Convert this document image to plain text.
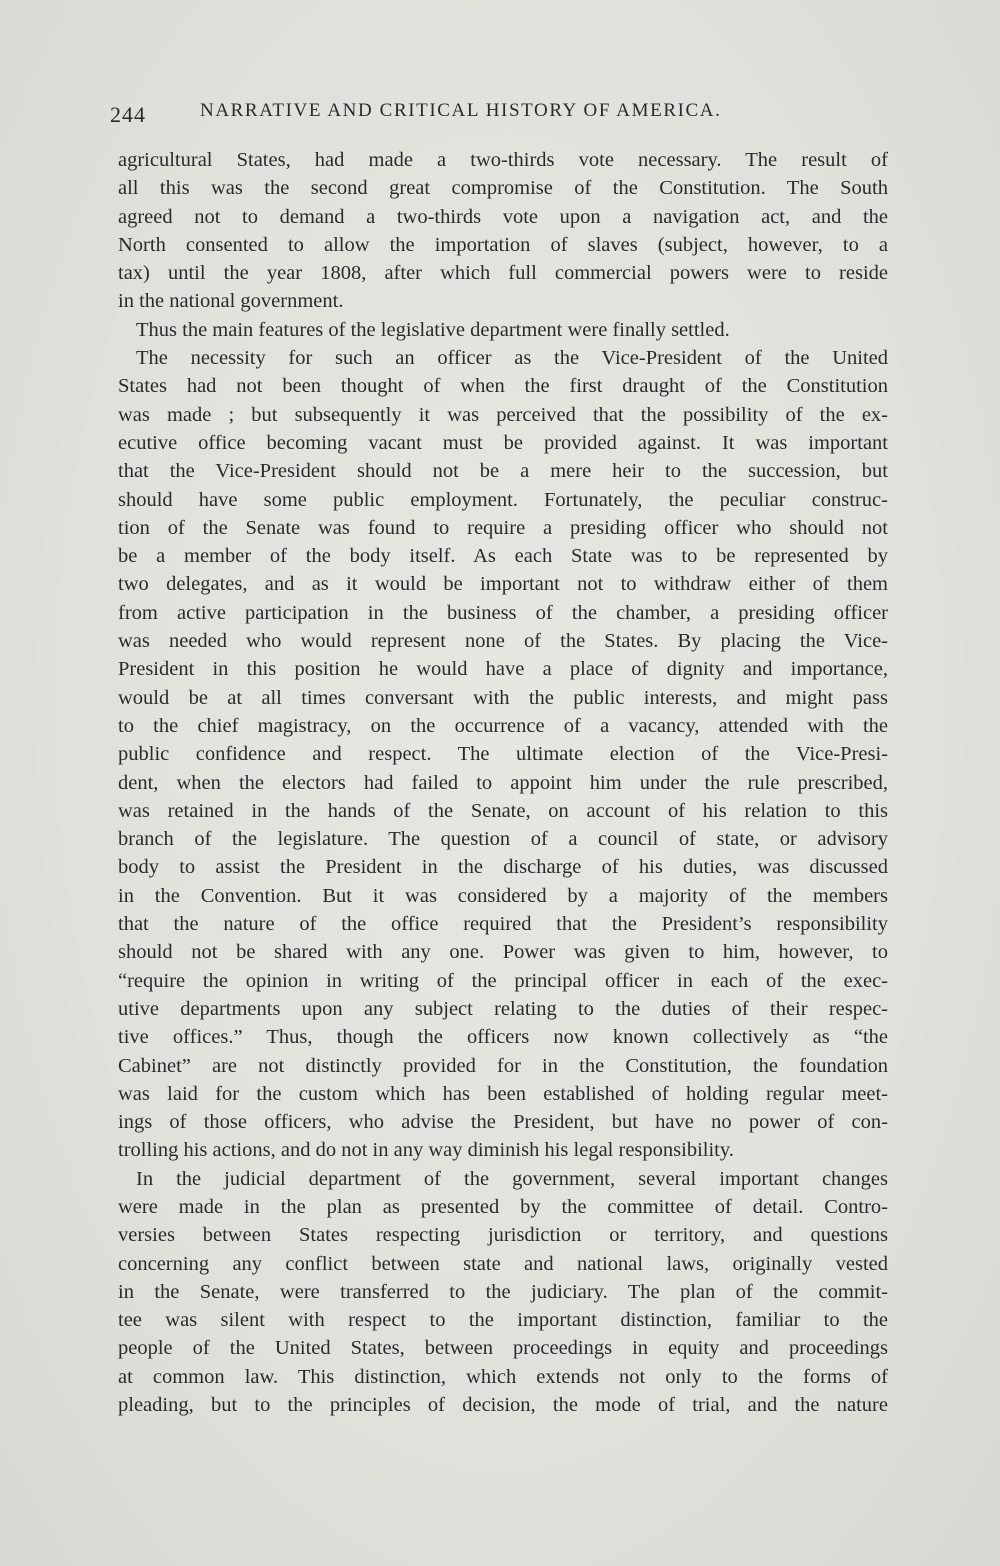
244	NARRATIVE AND CRITICAL HISTORY OF AMERICA.
agricultural States, had made a two-thirds vote necessary. The result of
all this was the second great compromise of the Constitution. The South
agreed not to demand a two-thirds vote upon a navigation act, and the
North consented to allow the importation of slaves (subject, however, to a
tax) until the year 1808, after which full commercial powers were to reside
in the national government.
Thus the main features of the legislative department were finally settled.
The necessity for such an officer as the Vice-President of the United
States had not been thought of when the first draught of the Constitution
was made ; but subsequently it was perceived that the possibility of the ex-
ecutive office becoming vacant must be provided against. It was important
that the Vice-President should not be a mere heir to the succession, but
should have some public employment. Fortunately, the peculiar construc-
tion of the Senate was found to require a presiding officer who should not
be a member of the body itself. As each State was to be represented by
two delegates, and as it would be important not to withdraw either of them
from active participation in the business of the chamber, a presiding officer
was needed who would represent none of the States. By placing the Vice-
President in this position he would have a place of dignity and importance,
would be at all times conversant with the public interests, and might pass
to the chief magistracy, on the occurrence of a vacancy, attended with the
public confidence and respect. The ultimate election of the Vice-Presi-
dent, when the electors had failed to appoint him under the rule prescribed,
was retained in the hands of the Senate, on account of his relation to this
branch of the legislature. The question of a council of state, or advisory
body to assist the President in the discharge of his duties, was discussed
in the Convention. But it was considered by a majority of the members
that the nature of the office required that the President’s responsibility
should not be shared with any one. Power was given to him, however, to
“require the opinion in writing of the principal officer in each of the exec-
utive departments upon any subject relating to the duties of their respec-
tive offices.” Thus, though the officers now known collectively as “the
Cabinet” are not distinctly provided for in the Constitution, the foundation
was laid for the custom which has been established of holding regular meet-
ings of those officers, who advise the President, but have no power of con-
trolling his actions, and do not in any way diminish his legal responsibility.
In the judicial department of the government, several important changes
were made in the plan as presented by the committee of detail. Contro-
versies between States respecting jurisdiction or territory, and questions
concerning any conflict between state and national laws, originally vested
in the Senate, were transferred to the judiciary. The plan of the commit-
tee was silent with respect to the important distinction, familiar to the
people of the United States, between proceedings in equity and proceedings
at common law. This distinction, which extends not only to the forms of
pleading, but to the principles of decision, the mode of trial, and the nature
